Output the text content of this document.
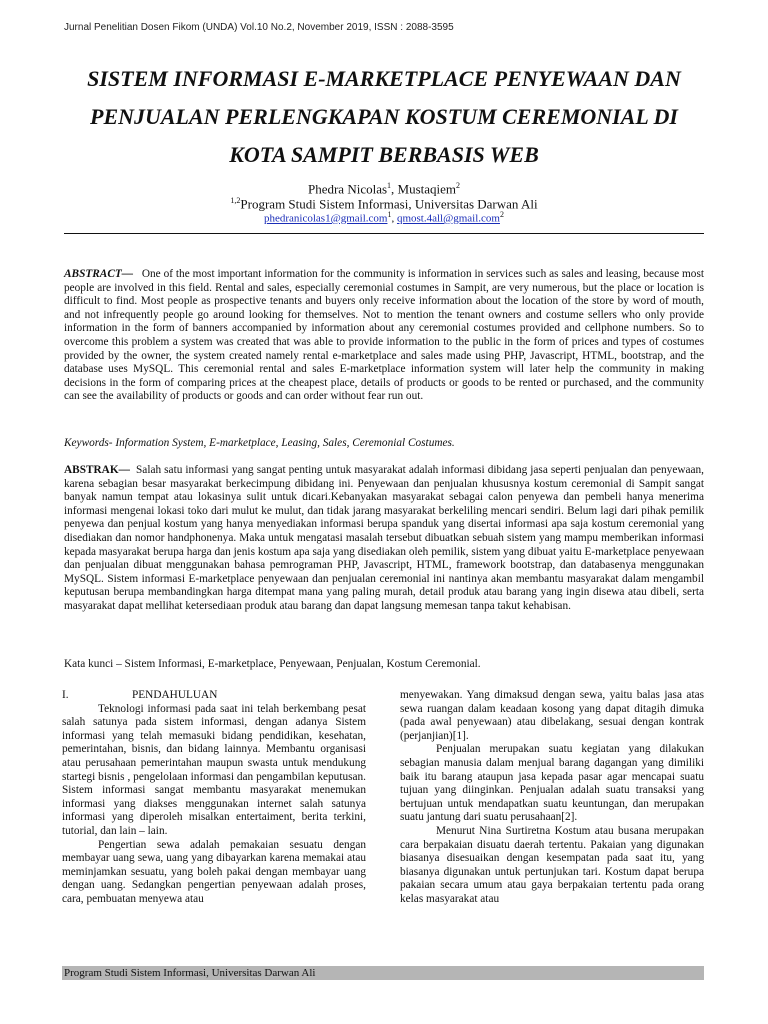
Jurnal Penelitian Dosen Fikom (UNDA) Vol.10 No.2, November 2019, ISSN : 2088-3595
SISTEM INFORMASI E-MARKETPLACE PENYEWAAN DAN
PENJUALAN PERLENGKAPAN KOSTUM CEREMONIAL DI
KOTA SAMPIT BERBASIS WEB
Phedra Nicolas$^1$, Mustaqiem$^2$
$^{1,2}$Program Studi Sistem Informasi, Universitas Darwan Ali
phedranicolas1@gmail.com$^1$, qmost.4all@gmail.com$^2$
ABSTRACT— One of the most important information for the community is information in services such as sales and leasing, because most people are involved in this field. Rental and sales, especially ceremonial costumes in Sampit, are very numerous, but the place or location is difficult to find. Most people as prospective tenants and buyers only receive information about the location of the store by word of mouth, and not infrequently people go around looking for themselves. Not to mention the tenant owners and costume sellers who only provide information in the form of banners accompanied by information about any ceremonial costumes provided and cellphone numbers. So to overcome this problem a system was created that was able to provide information to the public in the form of prices and types of costumes provided by the owner, the system created namely rental e-marketplace and sales made using PHP, Javascript, HTML, bootstrap, and the database uses MySQL. This ceremonial rental and sales E-marketplace information system will later help the community in making decisions in the form of comparing prices at the cheapest place, details of products or goods to be rented or purchased, and the community can see the availability of products or goods and can order without fear run out.
Keywords- Information System, E-marketplace, Leasing, Sales, Ceremonial Costumes.
ABSTRAK— Salah satu informasi yang sangat penting untuk masyarakat adalah informasi dibidang jasa seperti penjualan dan penyewaan, karena sebagian besar masyarakat berkecimpung dibidang ini. Penyewaan dan penjualan khususnya kostum ceremonial di Sampit sangat banyak namun tempat atau lokasinya sulit untuk dicari.Kebanyakan masyarakat sebagai calon penyewa dan pembeli hanya menerima informasi mengenai lokasi toko dari mulut ke mulut, dan tidak jarang masyarakat berkeliling mencari sendiri. Belum lagi dari pihak pemilik penyewa dan penjual kostum yang hanya menyediakan informasi berupa spanduk yang disertai informasi apa saja kostum ceremonial yang disediakan dan nomor handphonenya. Maka untuk mengatasi masalah tersebut dibuatkan sebuah sistem yang mampu memberikan informasi kepada masyarakat berupa harga dan jenis kostum apa saja yang disediakan oleh pemilik, sistem yang dibuat yaitu E-marketplace penyewaan dan penjualan dibuat menggunakan bahasa pemrograman PHP, Javascript, HTML, framework bootstrap, dan databasenya menggunakan MySQL. Sistem informasi E-marketplace penyewaan dan penjualan ceremonial ini nantinya akan membantu masyarakat dalam mengambil keputusan berupa membandingkan harga ditempat mana yang paling murah, detail produk atau barang yang ingin disewa atau dibeli, serta masyarakat dapat mellihat ketersediaan produk atau barang dan dapat langsung memesan tanpa takut kehabisan.
Kata kunci – Sistem Informasi, E-marketplace, Penyewaan, Penjualan, Kostum Ceremonial.
I.	PENDAHULUAN

Teknologi informasi pada saat ini telah berkembang pesat salah satunya pada sistem informasi, dengan adanya Sistem informasi yang telah memasuki bidang pendidikan, kesehatan, pemerintahan, bisnis, dan bidang lainnya. Membantu organisasi atau perusahaan pemerintahan maupun swasta untuk mendukung startegi bisnis , pengelolaan informasi dan pengambilan keputusan. Sistem informasi sangat membantu masyarakat menemukan informasi yang diakses menggunakan internet salah satunya informasi yang diperoleh misalkan entertaiment, berita terkini, tutorial, dan lain – lain.

Pengertian sewa adalah pemakaian sesuatu dengan membayar uang sewa, uang yang dibayarkan karena memakai atau meminjamkan sesuatu, yang boleh pakai dengan membayar uang dengan uang. Sedangkan pengertian penyewaan adalah proses, cara, pembuatan menyewa atau

menyewakan. Yang dimaksud dengan sewa, yaitu balas jasa atas sewa ruangan dalam keadaan kosong yang dapat ditagih dimuka (pada awal penyewaan) atau dibelakang, sesuai dengan kontrak (perjanjian)[1].

Penjualan merupakan suatu kegiatan yang dilakukan sebagian manusia dalam menjual barang dagangan yang dimiliki baik itu barang ataupun jasa kepada pasar agar mencapai suatu tujuan yang diinginkan. Penjualan adalah suatu transaksi yang bertujuan untuk mendapatkan suatu keuntungan, dan merupakan suatu jantung dari suatu perusahaan[2].

Menurut Nina Surtiretna Kostum atau busana merupakan cara berpakaian disuatu daerah tertentu. Pakaian yang digunakan biasanya disesuaikan dengan kesempatan pada saat itu, yang biasanya digunakan untuk pertunjukan tari. Kostum dapat berupa pakaian secara umum atau gaya berpakaian tertentu pada orang kelas masyarakat atau

Program Studi Sistem Informasi, Universitas Darwan Ali
